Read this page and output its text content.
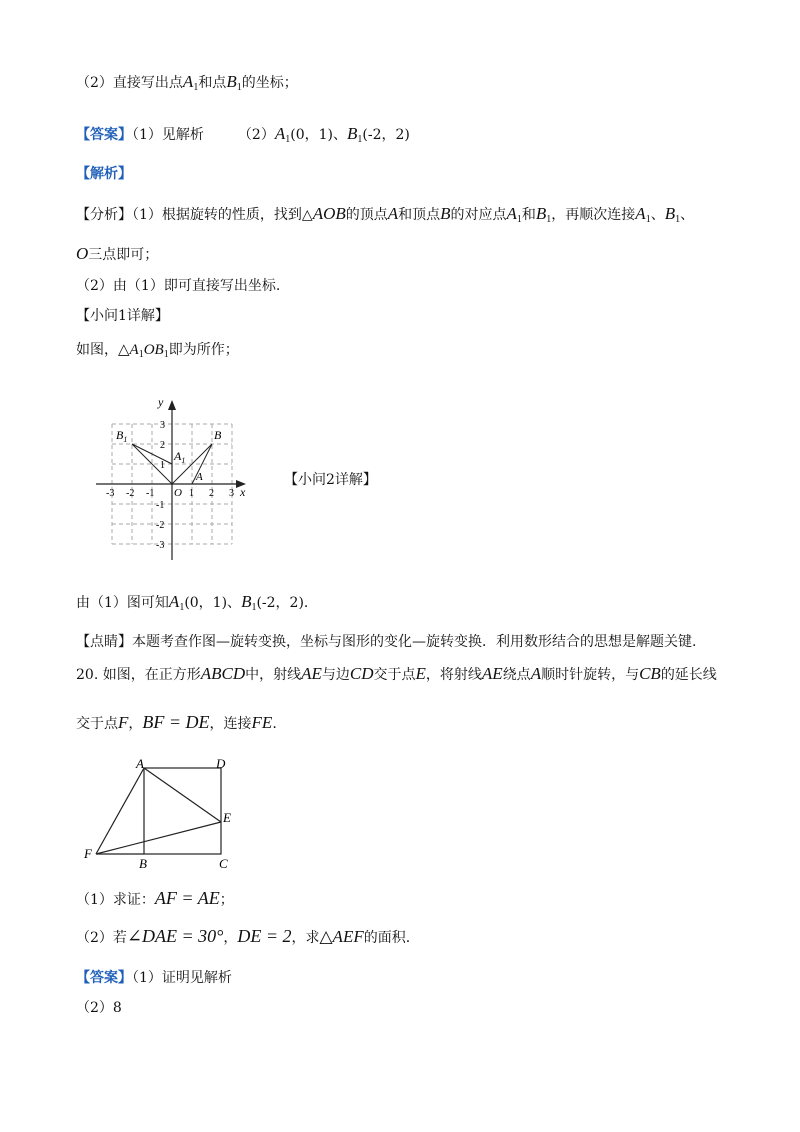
（2）直接写出点A1和点B1的坐标；
【答案】（1）见解析 （2）A1(0，1)、B1(-2，2)
【解析】
【分析】（1）根据旋转的性质，找到△AOB的顶点A和顶点B的对应点A1和B1，再顺次连接A1、B1、
O三点即可；
（2）由（1）即可直接写出坐标.
【小问1详解】
如图，$\triangle A_1OB_1$即为所作；
x
y
O
-3 -2 -1	1 2 3
3
2
1
-1
-2
-3
$B_1$	B
$A_1$
A	【小问2详解】
由（1）图可知A1(0，1)、B1(-2，2).
【点睛】本题考查作图—旋转变换，坐标与图形的变化—旋转变换．利用数形结合的思想是解题关键.
20. 如图，在正方形ABCD中，射线AE与边CD交于点E，将射线AE绕点A顺时针旋转，与CB的延长线
交于点F，BF = DE，连接FE.
A	D
E
F
B	C
（1）求证：AF = AE；
（2）若∠DAE = 30°，DE = 2，求△AEF的面积.
【答案】（1）证明见解析
（2）8
